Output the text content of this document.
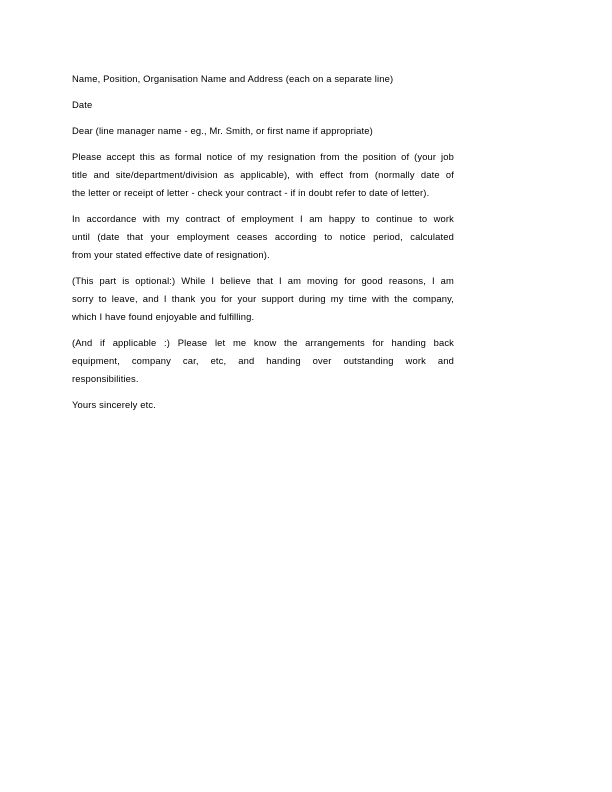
Name, Position, Organisation Name and Address (each on a separate line)
Date
Dear (line manager name - eg., Mr. Smith, or first name if appropriate)
Please accept this as formal notice of my resignation from the position of (your job
title and site/department/division as applicable), with effect from (normally date of
the letter or receipt of letter - check your contract - if in doubt refer to date of letter).
In accordance with my contract of employment I am happy to continue to work
until (date that your employment ceases according to notice period, calculated
from your stated effective date of resignation).
(This part is optional:) While I believe that I am moving for good reasons, I am
sorry to leave, and I thank you for your support during my time with the company,
which I have found enjoyable and fulfilling.
(And if applicable :) Please let me know the arrangements for handing back
equipment, company car, etc, and handing over outstanding work and
responsibilities.
Yours sincerely etc.
